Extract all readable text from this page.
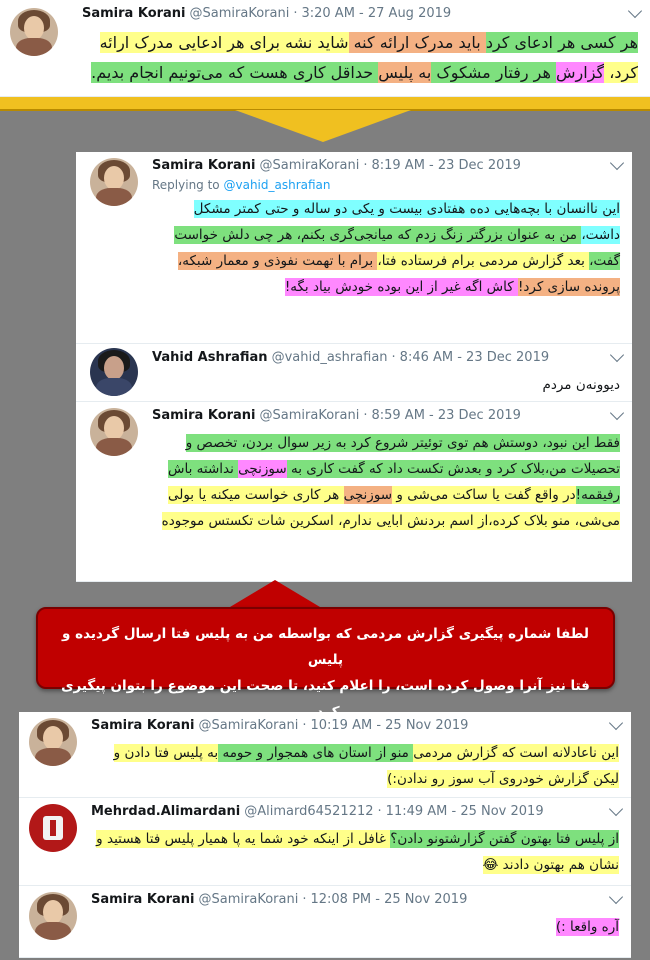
Samira Korani @SamiraKorani · 3:20 AM - 27 Aug 2019
هر کسی هر ادعای کرد باید مدرک ارائه کنه شاید نشه برای هر ادعایی مدرک ارائه کرد، گزارش هر رفتار مشکوک به پلیس حداقل کاری هست که می‌تونیم انجام بدیم.
Samira Korani @SamiraKorani · 8:19 AM - 23 Dec 2019
Replying to @vahid_ashrafian
این ناانسان با بچه‌هایی ده‌ه هفتادی بیست و یکی دو ساله و حتی کمتر مشکل داشت، من به عنوان بزرگتر زنگ زدم که میانجی‌گری بکنم، هر چی دلش خواست گفت، بعد گزارش مردمی برام فرستاده فتا، برام با تهمت نفوذی و معمار شبکه، پرونده سازی کرد! کاش اگه غیر از این بوده خودش بیاد بگه!
Vahid Ashrafian @vahid_ashrafian · 8:46 AM - 23 Dec 2019
دیوونه‌ن مردم
Samira Korani @SamiraKorani · 8:59 AM - 23 Dec 2019
فقط این نبود، دوستش هم توی توئیتر شروع کرد به زیر سوال بردن، تخصص و تحصیلات من،بلاک کرد و بعدش تکست داد که گفت کاری به سوزنچی نداشته باش رفیقمه!در واقع گفت یا ساکت می‌شی و سوزنچی هر کاری خواست میکنه یا بولی می‌شی، منو بلاک کرده،از اسم بردنش ابایی ندارم، اسکرین شات تکستس موجوده
لطفا شماره پیگیری گزارش مردمی که بواسطه من به پلیس فتا ارسال گردیده و پلیس
فتا نیز آنرا وصول کرده است، را اعلام کنید، تا صحت این موضوع را بتوان پیگیری
Samira Korani @SamiraKorani · 10:19 AM - 25 Nov 2019
این ناعادلانه است که گزارش مردمی منو از استان های همجوار و حومه به پلیس فتا دادن و لیکن گزارش خودروی آب سوز رو ندادن:)
Mehrdad.Alimardani @Alimard64521212 · 11:49 AM - 25 Nov 2019
از پلیس فتا بهتون گفتن گزارشتونو دادن؟ غافل از اینکه خود شما یه پا همیار پلیس فتا هستید و نشان هم بهتون دادند 😂
Samira Korani @SamiraKorani · 12:08 PM - 25 Nov 2019
آره واقعا :)
